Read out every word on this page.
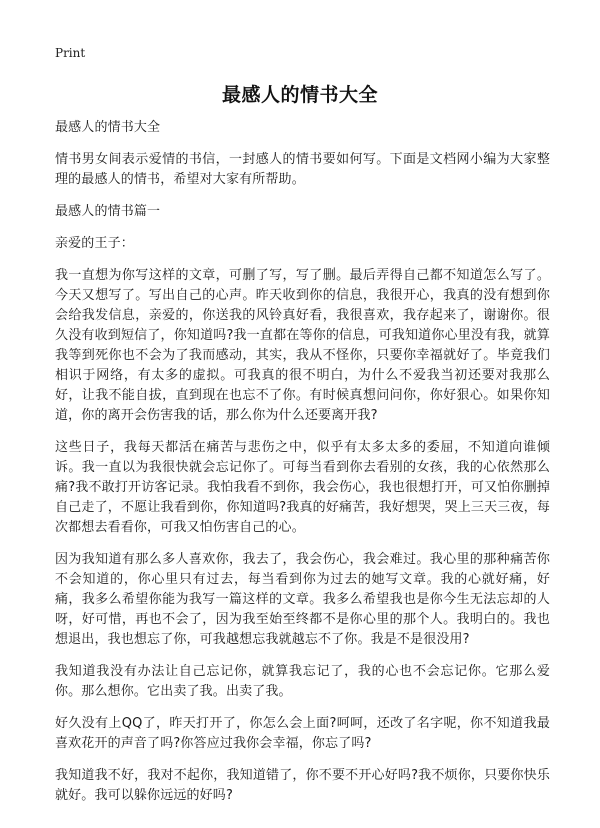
Print
最感人的情书大全

最感人的情书大全

情书男女间表示爱情的书信，一封感人的情书要如何写。下面是文档网小编为大家整理的最感人的情书，希望对大家有所帮助。

最感人的情书篇一

亲爱的王子：

我一直想为你写这样的文章，可删了写，写了删。最后弄得自己都不知道怎么写了。今天又想写了。写出自己的心声。昨天收到你的信息，我很开心，我真的没有想到你会给我发信息，亲爱的，你送我的风铃真好看，我很喜欢，我存起来了，谢谢你。很久没有收到短信了，你知道吗?我一直都在等你的信息，可我知道你心里没有我，就算我等到死你也不会为了我而感动，其实，我从不怪你，只要你幸福就好了。毕竟我们相识于网络，有太多的虚拟。可我真的很不明白，为什么不爱我当初还要对我那么好，让我不能自拔，直到现在也忘不了你。有时候真想问问你，你好狠心。如果你知道，你的离开会伤害我的话，那么你为什么还要离开我?

这些日子，我每天都活在痛苦与悲伤之中，似乎有太多太多的委屈，不知道向谁倾诉。我一直以为我很快就会忘记你了。可每当看到你去看别的女孩，我的心依然那么痛?我不敢打开访客记录。我怕我看不到你，我会伤心，我也很想打开，可又怕你删掉自己走了，不愿让我看到你，你知道吗?我真的好痛苦，我好想哭，哭上三天三夜，每次都想去看看你，可我又怕伤害自己的心。

因为我知道有那么多人喜欢你，我去了，我会伤心，我会难过。我心里的那种痛苦你不会知道的，你心里只有过去，每当看到你为过去的她写文章。我的心就好痛，好痛，我多么希望你能为我写一篇这样的文章。我多么希望我也是你今生无法忘却的人呀，好可惜，再也不会了，因为我至始至终都不是你心里的那个人。我明白的。我也想退出，我也想忘了你，可我越想忘我就越忘不了你。我是不是很没用?

我知道我没有办法让自己忘记你，就算我忘记了，我的心也不会忘记你。它那么爱你。那么想你。它出卖了我。出卖了我。

好久没有上QQ了，昨天打开了，你怎么会上面?呵呵，还改了名字呢，你不知道我最喜欢花开的声音了吗?你答应过我你会幸福，你忘了吗?

我知道我不好，我对不起你，我知道错了，你不要不开心好吗?我不烦你，只要你快乐就好。我可以躲你远远的好吗?
